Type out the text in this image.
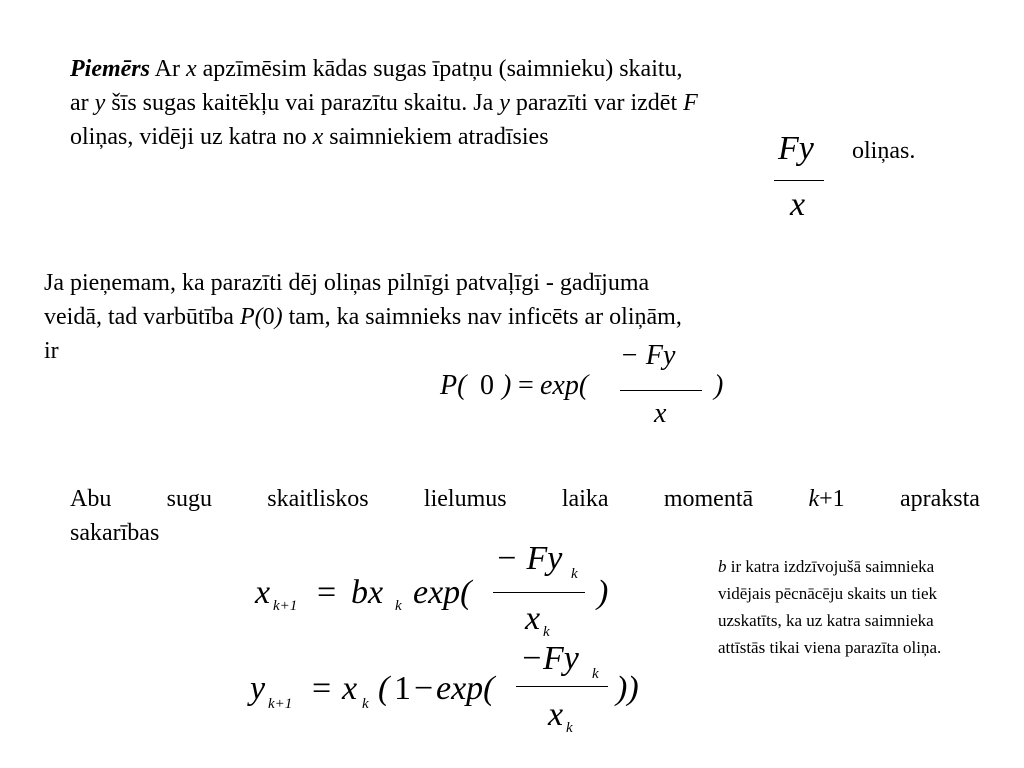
Piemērs Ar x apzīmēsim kādas sugas īpatņu (saimnieku) skaitu,
ar y šīs sugas kaitēkļu vai parazītu skaitu. Ja y parazīti var izdēt F
oliņas, vidēji uz katra no x saimniekiem atradīsies
oliņas.
Fy
x
Ja pieņemam, ka parazīti dēj oliņas pilnīgi patvaļīgi - gadījuma
veidā, tad varbūtība P(0) tam, ka saimnieks nav inficēts ar oliņām,
ir
P( 0 ) = exp(
− Fy
x
)
Abu sugu skaitliskos lielumus laika momentā k+1 apraksta
sakarības
b ir katra izdzīvojušā saimnieka vidējais pēcnācēju skaits un tiek uzskatīts, ka uz katra saimnieka attīstās tikai viena parazīta oliņa.
x k+1 = bx k exp(
− Fy k
x k
)
y k+1 = x k ( 1 − exp(
−Fy k
x k
))
